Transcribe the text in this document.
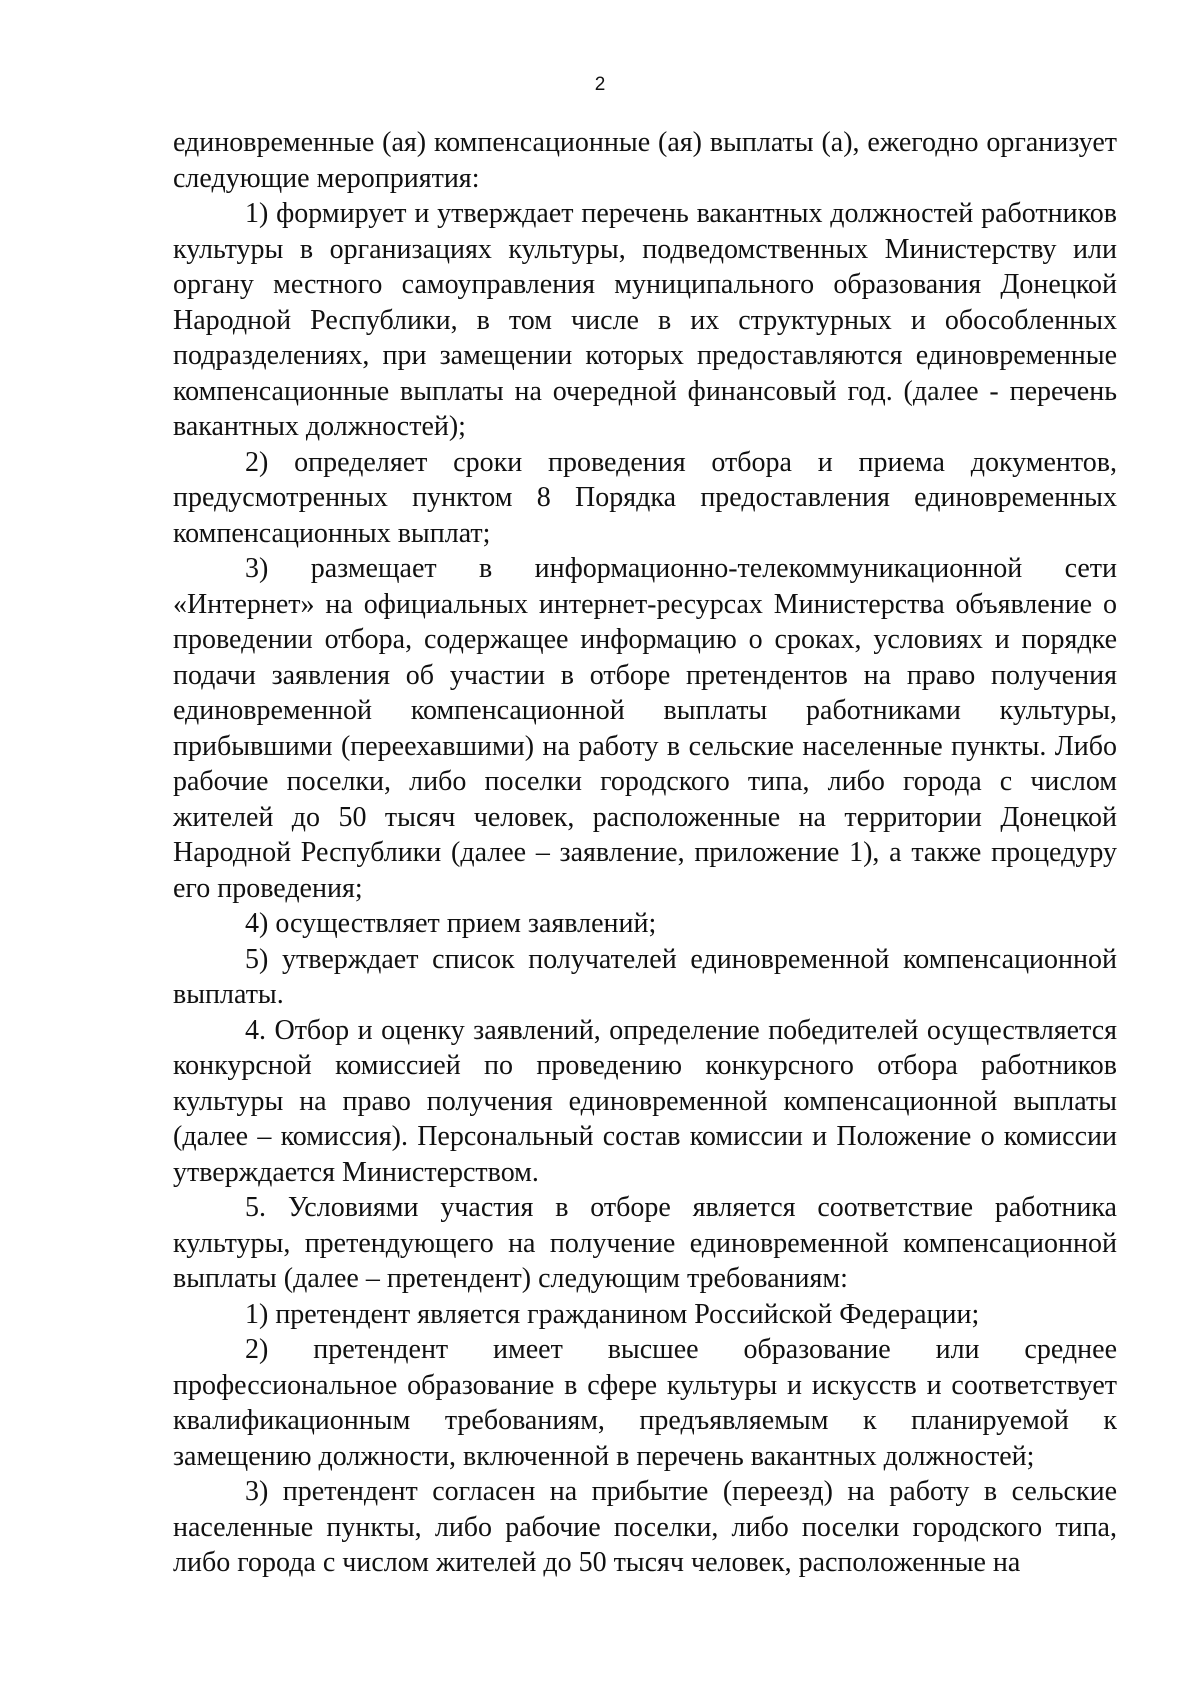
2

единовременные (ая) компенсационные (ая) выплаты (а), ежегодно организует следующие мероприятия:

1) формирует и утверждает перечень вакантных должностей работников культуры в организациях культуры, подведомственных Министерству или органу местного самоуправления муниципального образования Донецкой Народной Республики, в том числе в их структурных и обособленных подразделениях, при замещении которых предоставляются единовременные компенсационные выплаты на очередной финансовый год. (далее - перечень вакантных должностей);

2) определяет сроки проведения отбора и приема документов, предусмотренных пунктом 8 Порядка предоставления единовременных компенсационных выплат;

3) размещает в информационно-телекоммуникационной сети «Интернет» на официальных интернет-ресурсах Министерства объявление о проведении отбора, содержащее информацию о сроках, условиях и порядке подачи заявления об участии в отборе претендентов на право получения единовременной компенсационной выплаты работниками культуры, прибывшими (переехавшими) на работу в сельские населенные пункты. Либо рабочие поселки, либо поселки городского типа, либо города с числом жителей до 50 тысяч человек, расположенные на территории Донецкой Народной Республики (далее – заявление, приложение 1), а также процедуру его проведения;

4) осуществляет прием заявлений;

5) утверждает список получателей единовременной компенсационной выплаты.

4. Отбор и оценку заявлений, определение победителей осуществляется конкурсной комиссией по проведению конкурсного отбора работников культуры на право получения единовременной компенсационной выплаты (далее – комиссия). Персональный состав комиссии и Положение о комиссии утверждается Министерством.

5. Условиями участия в отборе является соответствие работника культуры, претендующего на получение единовременной компенсационной выплаты (далее – претендент) следующим требованиям:

1) претендент является гражданином Российской Федерации;

2) претендент имеет высшее образование или среднее профессиональное образование в сфере культуры и искусств и соответствует квалификационным требованиям, предъявляемым к планируемой к замещению должности, включенной в перечень вакантных должностей;

3) претендент согласен на прибытие (переезд) на работу в сельские населенные пункты, либо рабочие поселки, либо поселки городского типа, либо города с числом жителей до 50 тысяч человек, расположенные на
